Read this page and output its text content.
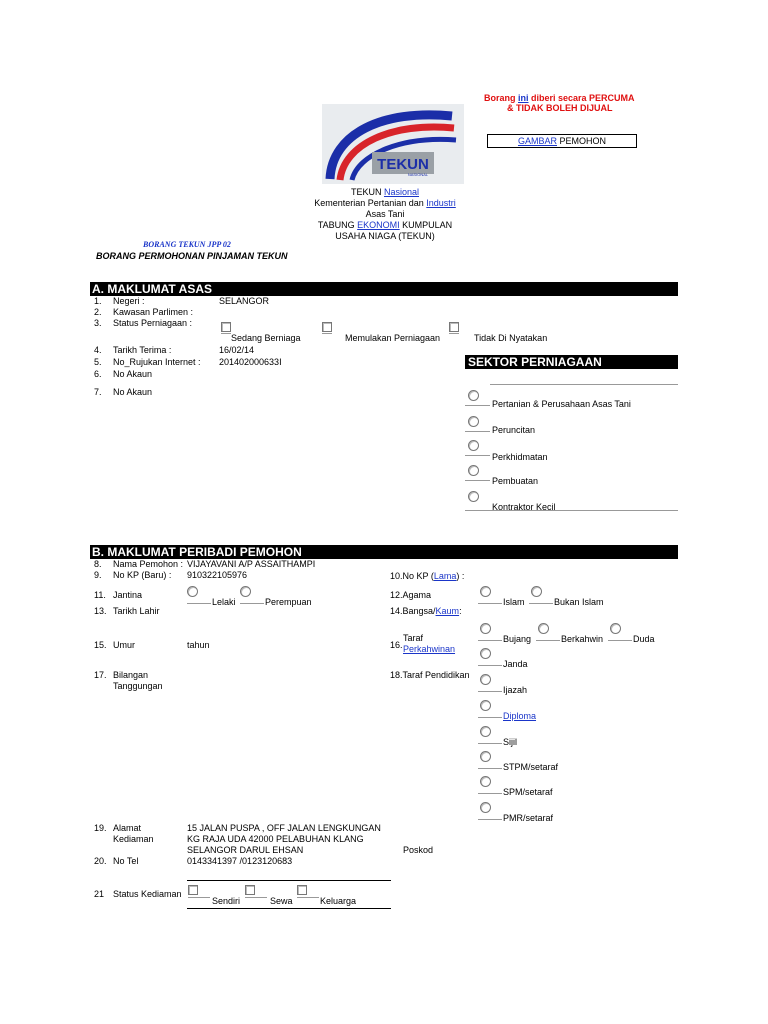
Borang ini diberi secara PERCUMA
& TIDAK BOLEH DIJUAL
GAMBAR PEMOHON
TEKUN
NASIONAL
TEKUN Nasional
Kementerian Pertanian dan Industri
Asas Tani
TABUNG EKONOMI KUMPULAN
USAHA NIAGA (TEKUN)
BORANG TEKUN JPP 02
BORANG PERMOHONAN PINJAMAN TEKUN
A. MAKLUMAT ASAS
1. Negeri :	SELANGOR
2. Kawasan Parlimen :
3. Status Perniagaan :
Sedang Berniaga	Memulakan Perniagaan	Tidak Di Nyatakan
4. Tarikh Terima :	16/02/14
5. No_Rujukan Internet : 201402000633I
6. No Akaun
7. No Akaun
SEKTOR PERNIAGAAN
Pertanian & Perusahaan Asas Tani
Peruncitan
Perkhidmatan
Pembuatan
Kontraktor Kecil
B. MAKLUMAT PERIBADI PEMOHON
8. Nama Pemohon : VIJAYAVANI A/P ASSAITHAMPI
9. No KP (Baru) : 910322105976	10.No KP (Lama) :
11. Jantina
Lelaki	Perempuan
12.Agama
Islam	Bukan Islam
13. Tarikh Lahir	14.Bangsa/Kaum:
15. Umur	tahun	16.
Taraf
Perkahwinan
Bujang	Berkahwin	Duda
Janda
17. Bilangan
Tanggungan
18.Taraf Pendidikan
Ijazah
Diploma
Sijil
STPM/setaraf
SPM/setaraf
PMR/setaraf
19. Alamat
Kediaman
15 JALAN PUSPA , OFF JALAN LENGKUNGAN
KG RAJA UDA 42000 PELABUHAN KLANG
SELANGOR DARUL EHSAN	Poskod
20. No Tel	0143341397 /0123120683
21 Status Kediaman
Sendiri	Sewa	Keluarga
